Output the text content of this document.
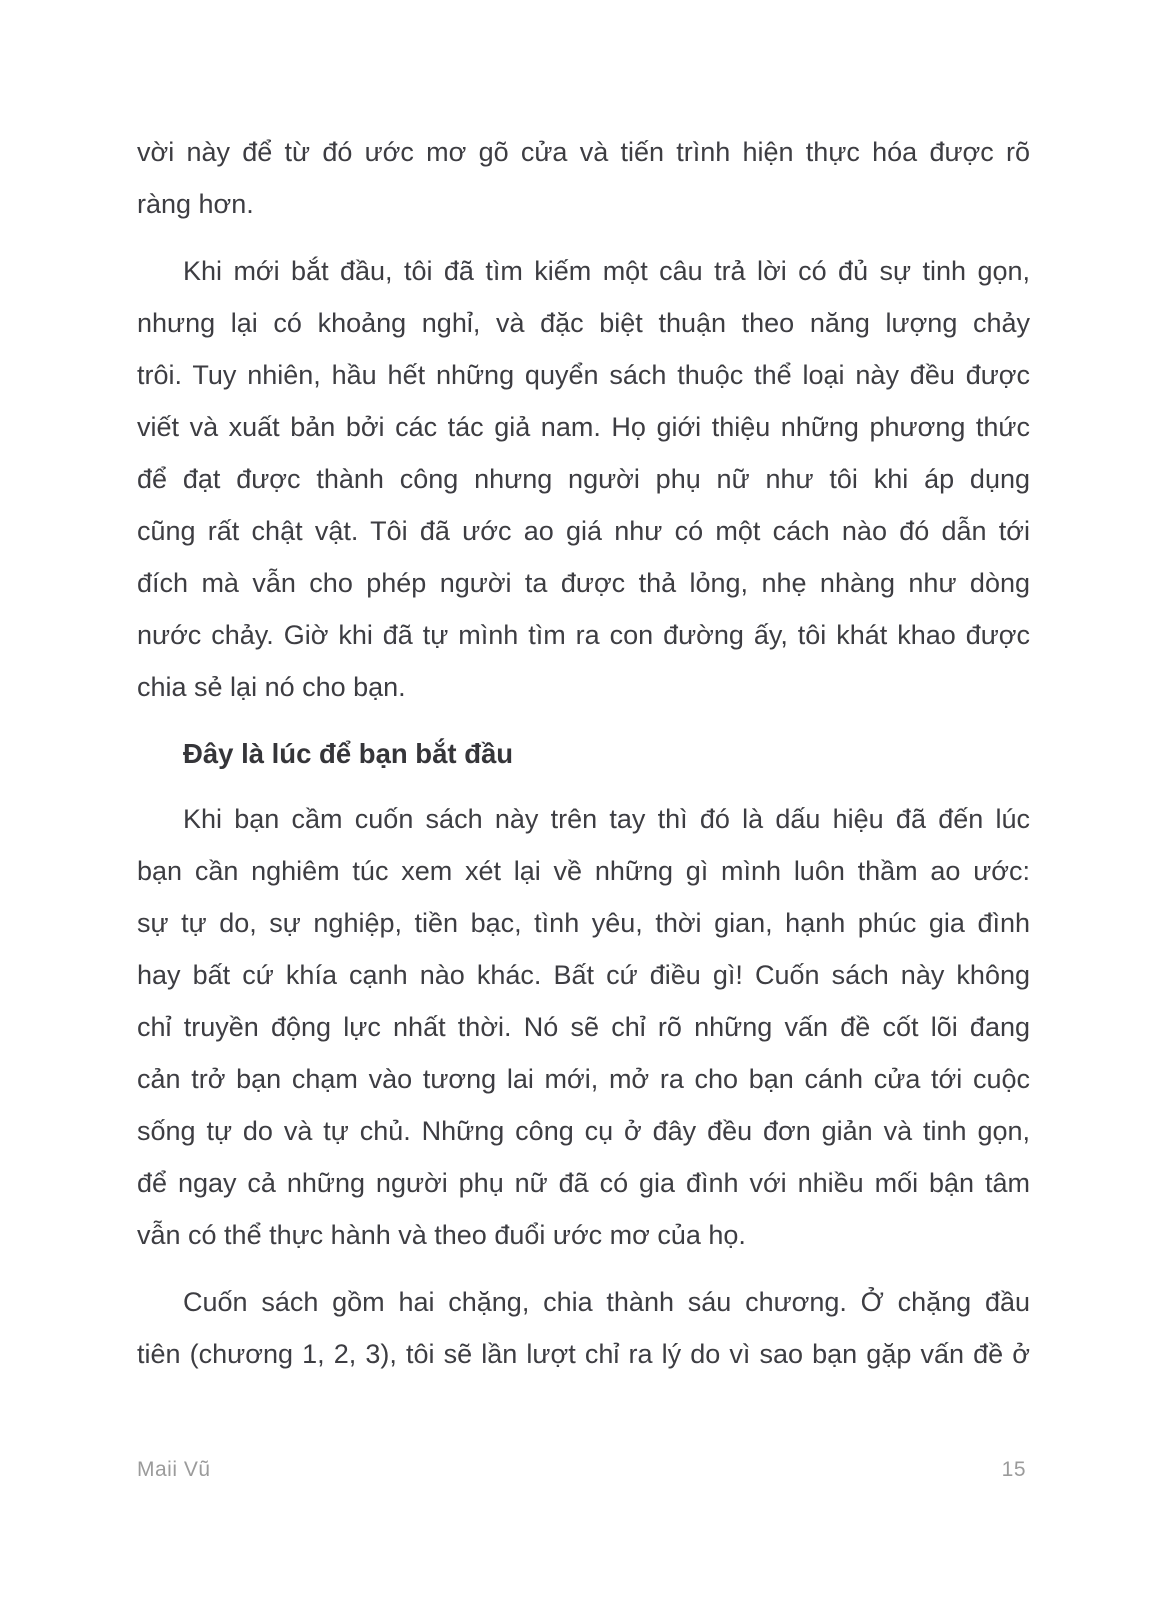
vời này để từ đó ước mơ gõ cửa và tiến trình hiện thực hóa được rõ
ràng hơn.
Khi mới bắt đầu, tôi đã tìm kiếm một câu trả lời có đủ sự tinh gọn,
nhưng lại có khoảng nghỉ, và đặc biệt thuận theo năng lượng chảy
trôi. Tuy nhiên, hầu hết những quyển sách thuộc thể loại này đều được
viết và xuất bản bởi các tác giả nam. Họ giới thiệu những phương thức
để đạt được thành công nhưng người phụ nữ như tôi khi áp dụng
cũng rất chật vật. Tôi đã ước ao giá như có một cách nào đó dẫn tới
đích mà vẫn cho phép người ta được thả lỏng, nhẹ nhàng như dòng
nước chảy. Giờ khi đã tự mình tìm ra con đường ấy, tôi khát khao được
chia sẻ lại nó cho bạn.
Đây là lúc để bạn bắt đầu
Khi bạn cầm cuốn sách này trên tay thì đó là dấu hiệu đã đến lúc
bạn cần nghiêm túc xem xét lại về những gì mình luôn thầm ao ước:
sự tự do, sự nghiệp, tiền bạc, tình yêu, thời gian, hạnh phúc gia đình
hay bất cứ khía cạnh nào khác. Bất cứ điều gì! Cuốn sách này không
chỉ truyền động lực nhất thời. Nó sẽ chỉ rõ những vấn đề cốt lõi đang
cản trở bạn chạm vào tương lai mới, mở ra cho bạn cánh cửa tới cuộc
sống tự do và tự chủ. Những công cụ ở đây đều đơn giản và tinh gọn,
để ngay cả những người phụ nữ đã có gia đình với nhiều mối bận tâm
vẫn có thể thực hành và theo đuổi ước mơ của họ.
Cuốn sách gồm hai chặng, chia thành sáu chương. Ở chặng đầu
tiên (chương 1, 2, 3), tôi sẽ lần lượt chỉ ra lý do vì sao bạn gặp vấn đề ở
Maii Vũ	15
